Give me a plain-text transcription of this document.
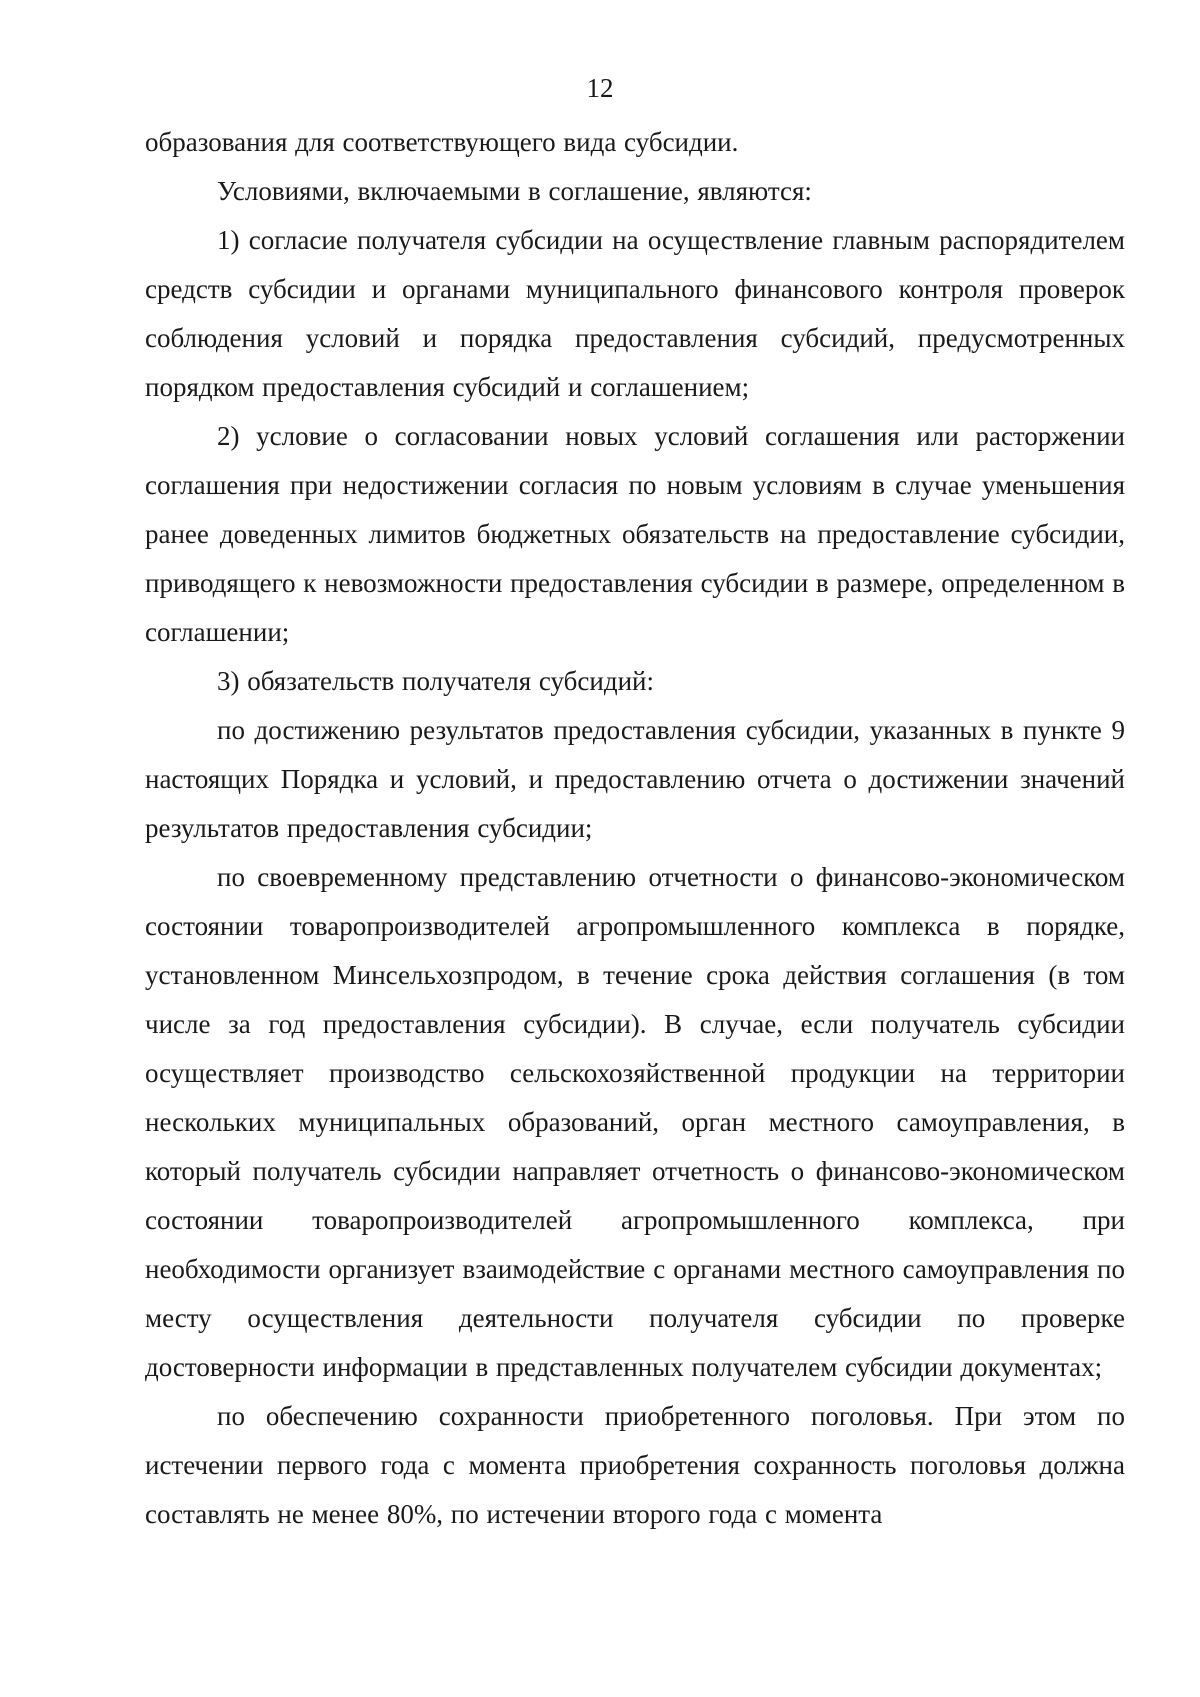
12

образования для соответствующего вида субсидии.

Условиями, включаемыми в соглашение, являются:

1) согласие получателя субсидии на осуществление главным распорядителем средств субсидии и органами муниципального финансового контроля проверок соблюдения условий и порядка предоставления субсидий, предусмотренных порядком предоставления субсидий и соглашением;

2) условие о согласовании новых условий соглашения или расторжении соглашения при недостижении согласия по новым условиям в случае уменьшения ранее доведенных лимитов бюджетных обязательств на предоставление субсидии, приводящего к невозможности предоставления субсидии в размере, определенном в соглашении;

3) обязательств получателя субсидий:

по достижению результатов предоставления субсидии, указанных в пункте 9 настоящих Порядка и условий, и предоставлению отчета о достижении значений результатов предоставления субсидии;

по своевременному представлению отчетности о финансово-экономическом состоянии товаропроизводителей агропромышленного комплекса в порядке, установленном Минсельхозпродом, в течение срока действия соглашения (в том числе за год предоставления субсидии). В случае, если получатель субсидии осуществляет производство сельскохозяйственной продукции на территории нескольких муниципальных образований, орган местного самоуправления, в который получатель субсидии направляет отчетность о финансово-экономическом состоянии товаропроизводителей агропромышленного комплекса, при необходимости организует взаимодействие с органами местного самоуправления по месту осуществления деятельности получателя субсидии по проверке достоверности информации в представленных получателем субсидии документах;

по обеспечению сохранности приобретенного поголовья. При этом по истечении первого года с момента приобретения сохранность поголовья должна составлять не менее 80%, по истечении второго года с момента
